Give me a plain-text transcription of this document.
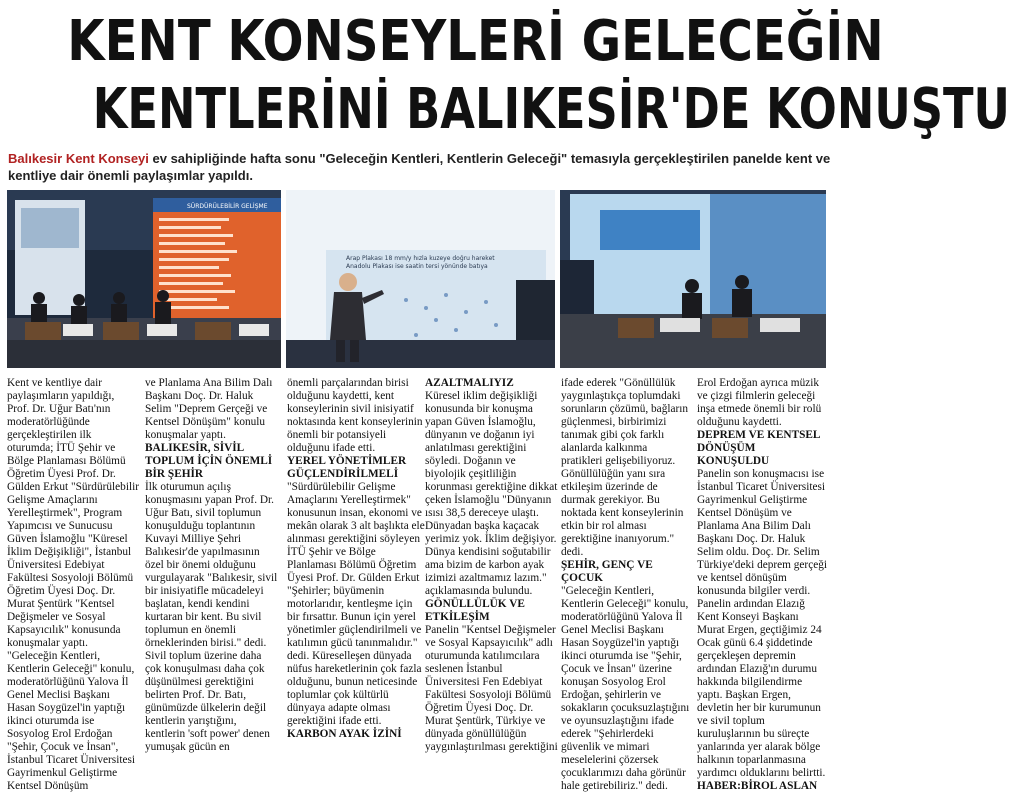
KENT KONSEYLERİ GELECEĞİN
KENTLERİNİ BALIKESİR'DE KONUŞTU
Balıkesir Kent Konseyi ev sahipliğinde hafta sonu "Geleceğin Kentleri, Kentlerin Geleceği" temasıyla gerçekleştirilen panelde kent ve kentliye dair önemli paylaşımlar yapıldı.
SÜRDÜRÜLEBİLİR GELİŞME
Arap Plakası 18 mm/y hızla kuzeye doğru hareket Anadolu Plakası ise saatin tersi yönünde batıya

Kent ve kentliye dair paylaşımların yapıldığı, Prof. Dr. Uğur Batı'nın moderatörlüğünde gerçekleştirilen ilk oturumda; İTÜ Şehir ve Bölge Planlaması Bölümü Öğretim Üyesi Prof. Dr. Gülden Erkut "Sürdürülebilir Gelişme Amaçlarını Yerelleştirmek", Program Yapımcısı ve Sunucusu Güven İslamoğlu "Küresel İklim Değişikliği", İstanbul Üniversitesi Edebiyat Fakültesi Sosyoloji Bölümü Öğretim Üyesi Doç. Dr. Murat Şentürk "Kentsel Değişmeler ve Sosyal Kapsayıcılık" konusunda konuşmalar yaptı. "Geleceğin Kentleri, Kentlerin Geleceği" konulu, moderatörlüğünü Yalova İl Genel Meclisi Başkanı Hasan Soygüzel'in yaptığı ikinci oturumda ise Sosyolog Erol Erdoğan "Şehir, Çocuk ve İnsan", İstanbul Ticaret Üniversitesi Gayrimenkul Geliştirme Kentsel Dönüşüm

ve Planlama Ana Bilim Dalı Başkanı Doç. Dr. Haluk Selim "Deprem Gerçeği ve Kentsel Dönüşüm" konulu konuşmalar yaptı.

BALIKESİR, SİVİL TOPLUM İÇİN ÖNEMLİ BİR ŞEHİR

İlk oturumun açılış konuşmasını yapan Prof. Dr. Uğur Batı, sivil toplumun konuşulduğu toplantının Kuvayi Milliye Şehri Balıkesir'de yapılmasının özel bir önemi olduğunu vurgulayarak "Balıkesir, sivil bir inisiyatifle mücadeleyi başlatan, kendi kendini kurtaran bir kent. Bu sivil toplumun en önemli örneklerinden birisi." dedi. Sivil toplum üzerine daha çok konuşulması daha çok düşünülmesi gerektiğini belirten Prof. Dr. Batı, günümüzde ülkelerin değil kentlerin yarıştığını, kentlerin 'soft power' denen yumuşak gücün en

önemli parçalarından birisi olduğunu kaydetti, kent konseylerinin sivil inisiyatif noktasında kent konseylerinin önemli bir potansiyeli olduğunu ifade etti.

YEREL YÖNETİMLER GÜÇLENDİRİLMELİ

"Sürdürülebilir Gelişme Amaçlarını Yerelleştirmek" konusunun insan, ekonomi ve mekân olarak 3 alt başlıkta ele alınması gerektiğini söyleyen İTÜ Şehir ve Bölge Planlaması Bölümü Öğretim Üyesi Prof. Dr. Gülden Erkut "Şehirler; büyümenin motorlarıdır, kentleşme için bir fırsattır. Bunun için yerel yönetimler güçlendirilmeli ve katılımın gücü tanınmalıdır." dedi. Küreselleşen dünyada nüfus hareketlerinin çok fazla olduğunu, bunun neticesinde toplumlar çok kültürlü dünyaya adapte olması gerektiğini ifade etti.

KARBON AYAK İZİNİ

AZALTMALIYIZ

Küresel iklim değişikliği konusunda bir konuşma yapan Güven İslamoğlu, dünyanın ve doğanın iyi anlatılması gerektiğini söyledi. Doğanın ve biyolojik çeşitliliğin korunması gerektiğine dikkat çeken İslamoğlu "Dünyanın ısısı 38,5 dereceye ulaştı. Dünyadan başka kaçacak yerimiz yok. İklim değişiyor. Dünya kendisini soğutabilir ama bizim de karbon ayak izimizi azaltmamız lazım." açıklamasında bulundu.

GÖNÜLLÜLÜK VE ETKİLEŞİM

Panelin "Kentsel Değişmeler ve Sosyal Kapsayıcılık" adlı oturumunda katılımcılara seslenen İstanbul Üniversitesi Fen Edebiyat Fakültesi Sosyoloji Bölümü Öğretim Üyesi Doç. Dr. Murat Şentürk, Türkiye ve dünyada gönüllülüğün yaygınlaştırılması gerektiğini

ifade ederek "Gönüllülük yaygınlaştıkça toplumdaki sorunların çözümü, bağların güçlenmesi, birbirimizi tanımak gibi çok farklı alanlarda kalkınma pratikleri gelişebiliyoruz. Gönüllülüğün yanı sıra etkileşim üzerinde de durmak gerekiyor. Bu noktada kent konseylerinin etkin bir rol alması gerektiğine inanıyorum." dedi.

ŞEHİR, GENÇ VE ÇOCUK

"Geleceğin Kentleri, Kentlerin Geleceği" konulu, moderatörlüğünü Yalova İl Genel Meclisi Başkanı Hasan Soygüzel'in yaptığı ikinci oturumda ise "Şehir, Çocuk ve İnsan" üzerine konuşan Sosyolog Erol Erdoğan, şehirlerin ve sokakların çocuksuzlaştığını ve oyunsuzlaştığını ifade ederek "Şehirlerdeki güvenlik ve mimari meselelerini çözersek çocuklarımızı daha görünür hale getirebiliriz." dedi.

Erol Erdoğan ayrıca müzik ve çizgi filmlerin geleceği inşa etmede önemli bir rolü olduğunu kaydetti.

DEPREM VE KENTSEL DÖNÜŞÜM KONUŞULDU

Panelin son konuşmacısı ise İstanbul Ticaret Üniversitesi Gayrimenkul Geliştirme Kentsel Dönüşüm ve Planlama Ana Bilim Dalı Başkanı Doç. Dr. Haluk Selim oldu. Doç. Dr. Selim Türkiye'deki deprem gerçeği ve kentsel dönüşüm konusunda bilgiler verdi. Panelin ardından Elazığ Kent Konseyi Başkanı Murat Ergen, geçtiğimiz 24 Ocak günü 6.4 şiddetinde gerçekleşen depremin ardından Elazığ'ın durumu hakkında bilgilendirme yaptı. Başkan Ergen, devletin her bir kurumunun ve sivil toplum kuruluşlarının bu süreçte yanlarında yer alarak bölge halkının toparlanmasına yardımcı olduklarını belirtti.

HABER:BİROL ASLAN
